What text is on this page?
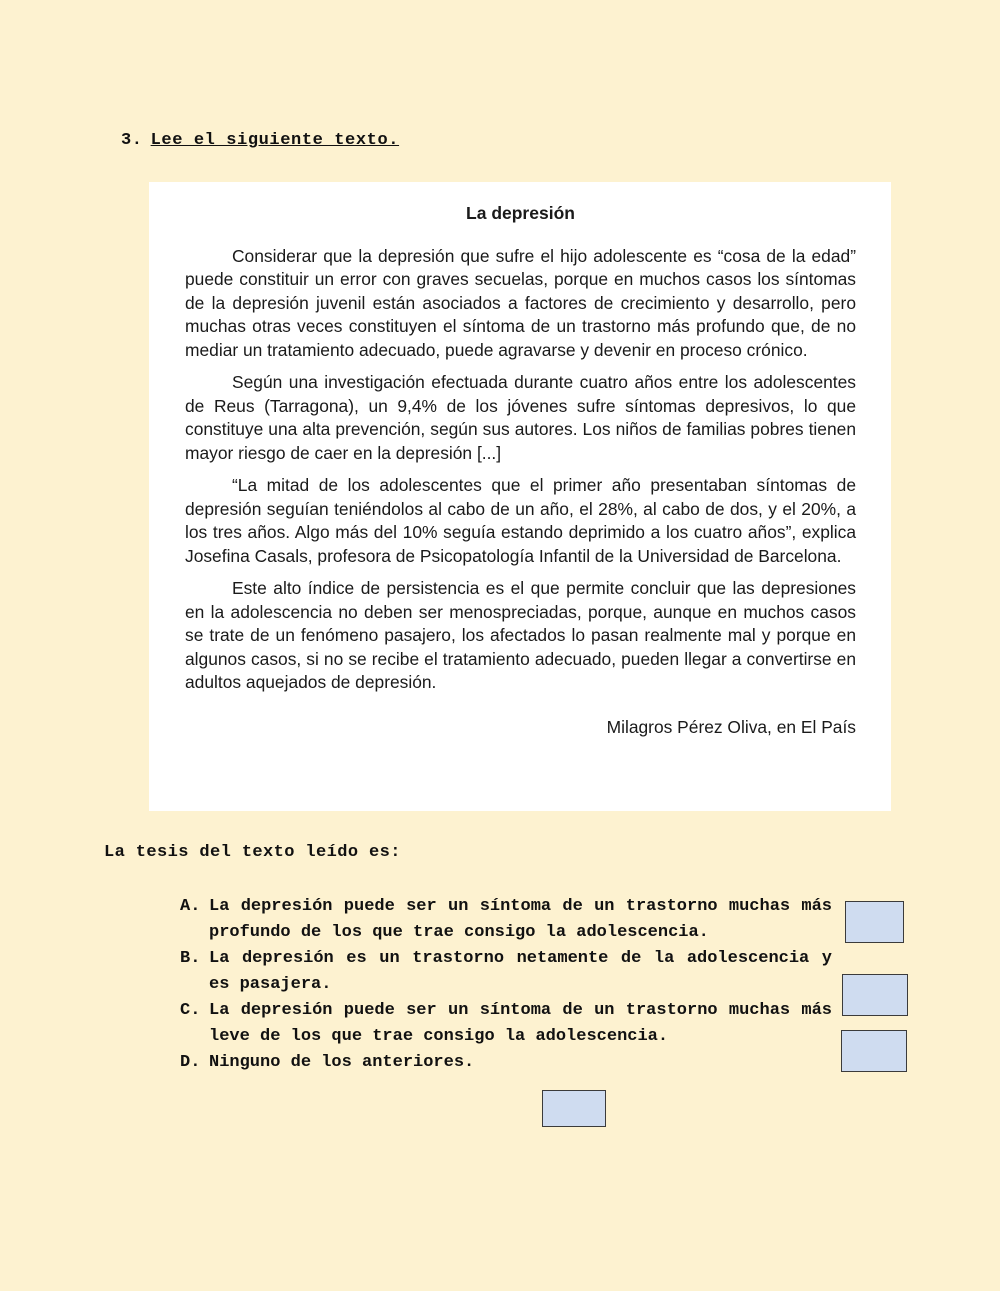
3. Lee el siguiente texto.
La depresión

Considerar que la depresión que sufre el hijo adolescente es “cosa de la edad” puede constituir un error con graves secuelas, porque en muchos casos los síntomas de la depresión juvenil están asociados a factores de crecimiento y desarrollo, pero muchas otras veces constituyen el síntoma de un trastorno más profundo que, de no mediar un tratamiento adecuado, puede agravarse y devenir en proceso crónico.

Según una investigación efectuada durante cuatro años entre los adolescentes de Reus (Tarragona), un 9,4% de los jóvenes sufre síntomas depresivos, lo que constituye una alta prevención, según sus autores. Los niños de familias pobres tienen mayor riesgo de caer en la depresión [...]

“La mitad de los adolescentes que el primer año presentaban síntomas de depresión seguían teniéndolos al cabo de un año, el 28%, al cabo de dos, y el 20%, a los tres años. Algo más del 10% seguía estando deprimido a los cuatro años”, explica Josefina Casals, profesora de Psicopatología Infantil de la Universidad de Barcelona.

Este alto índice de persistencia es el que permite concluir que las depresiones en la adolescencia no deben ser menospreciadas, porque, aunque en muchos casos se trate de un fenómeno pasajero, los afectados lo pasan realmente mal y porque en algunos casos, si no se recibe el tratamiento adecuado, pueden llegar a convertirse en adultos aquejados de depresión.

Milagros Pérez Oliva, en El País

La tesis del texto leído es:
A. La depresión puede ser un síntoma de un trastorno muchas más profundo de los que trae consigo la adolescencia.
B. La depresión es un trastorno netamente de la adolescencia y es pasajera.
C. La depresión puede ser un síntoma de un trastorno muchas más leve de los que trae consigo la adolescencia.
D. Ninguno de los anteriores.
